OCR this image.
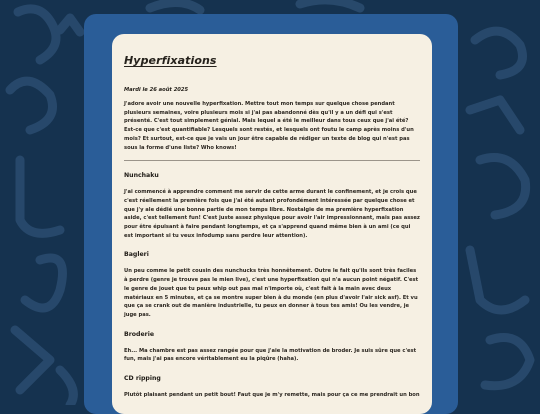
Hyperfixations
Mardi le 26 août 2025

J'adore avoir une nouvelle hyperfixation. Mettre tout mon temps sur quelque chose pendant plusieurs semaines, voire plusieurs mois si j'ai pas abandonné dès qu'il y a un défi qui s'est présenté. C'est tout simplement génial. Mais lequel a été le meilleur dans tous ceux que j'ai été? Est-ce que c'est quantifiable? Lesquels sont restés, et lesquels ont foutu le camp après moins d'un mois? Et surtout, est-ce que je vais un jour être capable de rédiger un texte de blog qui n'est pas sous la forme d'une liste? Who knows!

Nunchaku

J'ai commencé à apprendre comment me servir de cette arme durant le confinement, et je crois que c'est réellement la première fois que j'ai été autant profondément intéressée par quelque chose et que j'y ale dédié une bonne partie de mon temps libre. Nostalgie de ma première hyperfixation aside, c'est tellement fun! C'est juste assez physique pour avoir l'air impressionnant, mais pas assez pour être épuisant à faire pendant longtemps, et ça s'apprend quand même bien à un ami (ce qui est important si tu veux infodump sans perdre leur attention).

Bagleri

Un peu comme le petit cousin des nunchucks très honnêtement. Outre le fait qu'ils sont très faciles à perdre (genre je trouve pas le mien live), c'est une hyperfixation qui n'a aucun point négatif. C'est le genre de jouet que tu peux whip out pas mal n'importe où, c'est fait à la main avec deux matériaux en 5 minutes, et ça se montre super bien à du monde (en plus d'avoir l'air sick asf). Et vu que ça se crank out de manière industrielle, tu peux en donner à tous tes amis! Ou les vendre, je juge pas.

Broderie

Eh... Ma chambre est pas assez rangée pour que j'aie la motivation de broder. Je suis sûre que c'est fun, mais j'ai pas encore véritablement eu la piqûre (haha).

CD ripping

Plutôt plaisant pendant un petit bout! Faut que je m'y remette, mais pour ça ce me prendrait un bon
